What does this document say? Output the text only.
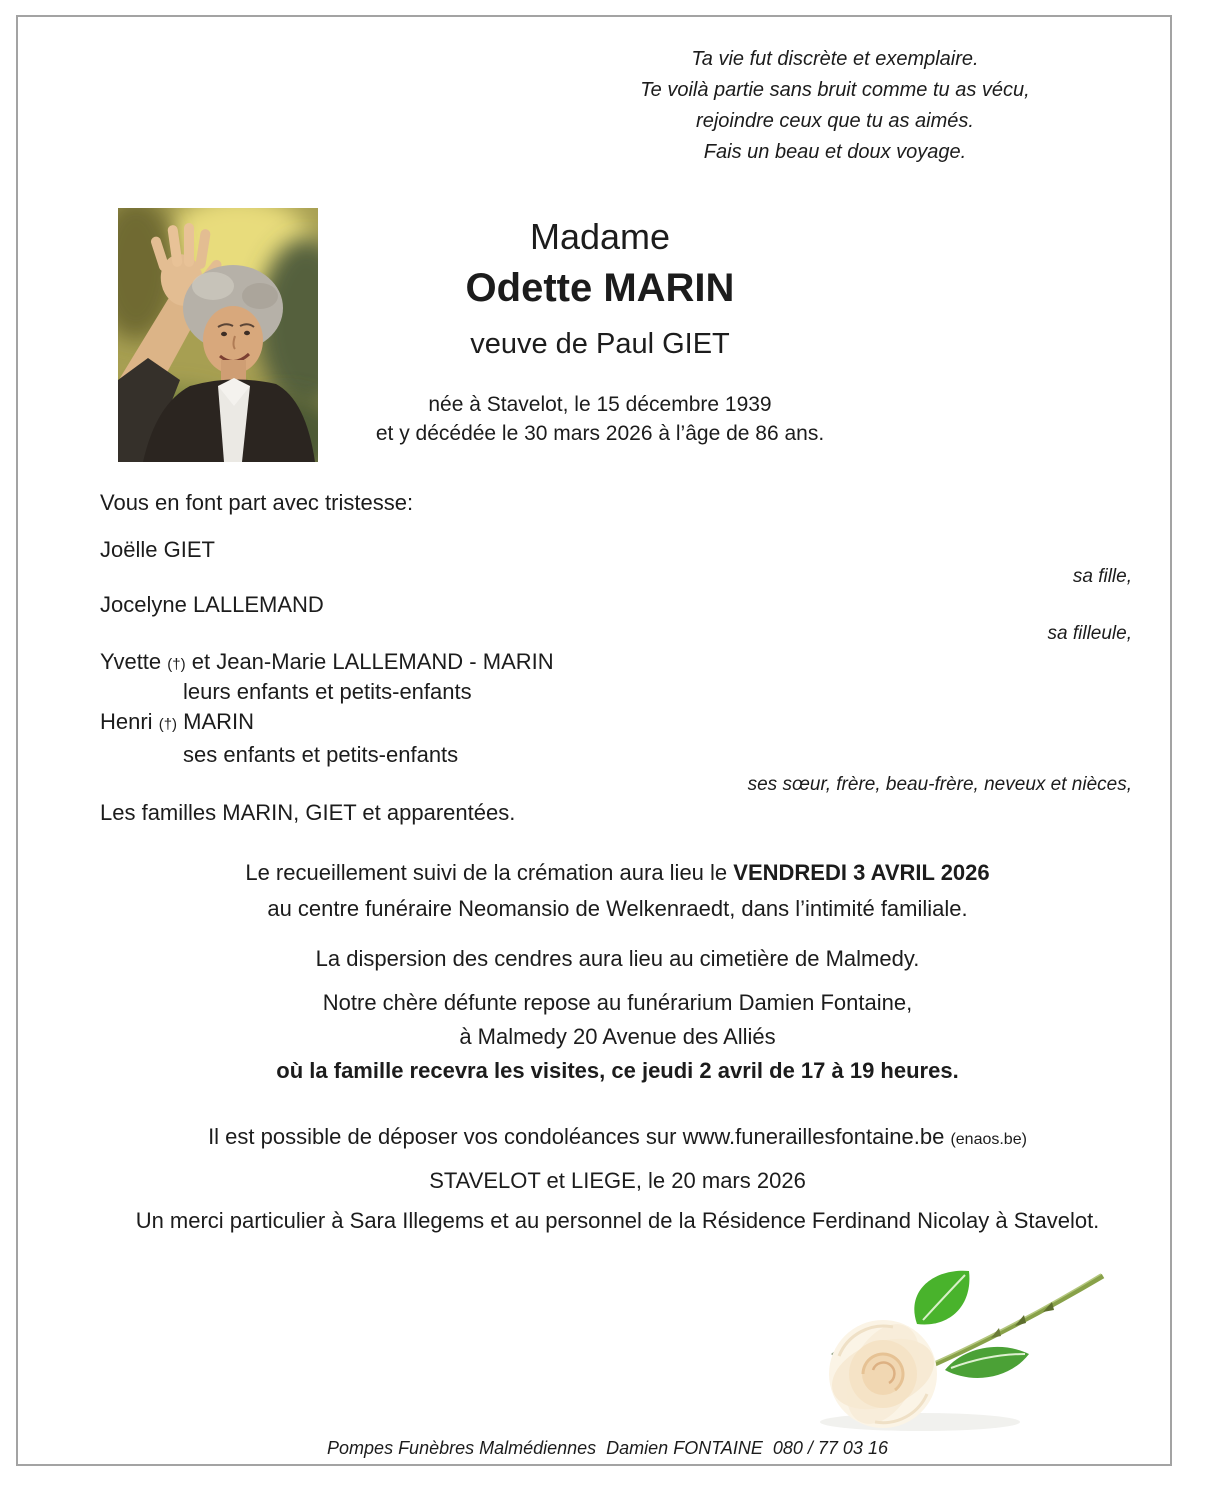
Ta vie fut discrète et exemplaire.
Te voilà partie sans bruit comme tu as vécu,
rejoindre ceux que tu as aimés.
Fais un beau et doux voyage.
Madame
Odette MARIN
veuve de Paul GIET
née à Stavelot, le 15 décembre 1939
et y décédée le 30 mars 2026 à l’âge de 86 ans.
Vous en font part avec tristesse:
Joëlle GIET
sa fille,
Jocelyne LALLEMAND
sa filleule,
Yvette (†) et Jean-Marie LALLEMAND - MARIN
leurs enfants et petits-enfants
Henri (†) MARIN
ses enfants et petits-enfants
ses sœur, frère, beau-frère, neveux et nièces,
Les familles MARIN, GIET et apparentées.
Le recueillement suivi de la crémation aura lieu le VENDREDI 3 AVRIL 2026
au centre funéraire Neomansio de Welkenraedt, dans l’intimité familiale.
La dispersion des cendres aura lieu au cimetière de Malmedy.
Notre chère défunte repose au funérarium Damien Fontaine,
à Malmedy 20 Avenue des Alliés
où la famille recevra les visites, ce jeudi 2 avril de 17 à 19 heures.
Il est possible de déposer vos condoléances sur www.funeraillesfontaine.be (enaos.be)
STAVELOT et LIEGE, le 20 mars 2026
Un merci particulier à Sara Illegems et au personnel de la Résidence Ferdinand Nicolay à Stavelot.
Pompes Funèbres Malmédiennes  Damien FONTAINE  080 / 77 03 16
